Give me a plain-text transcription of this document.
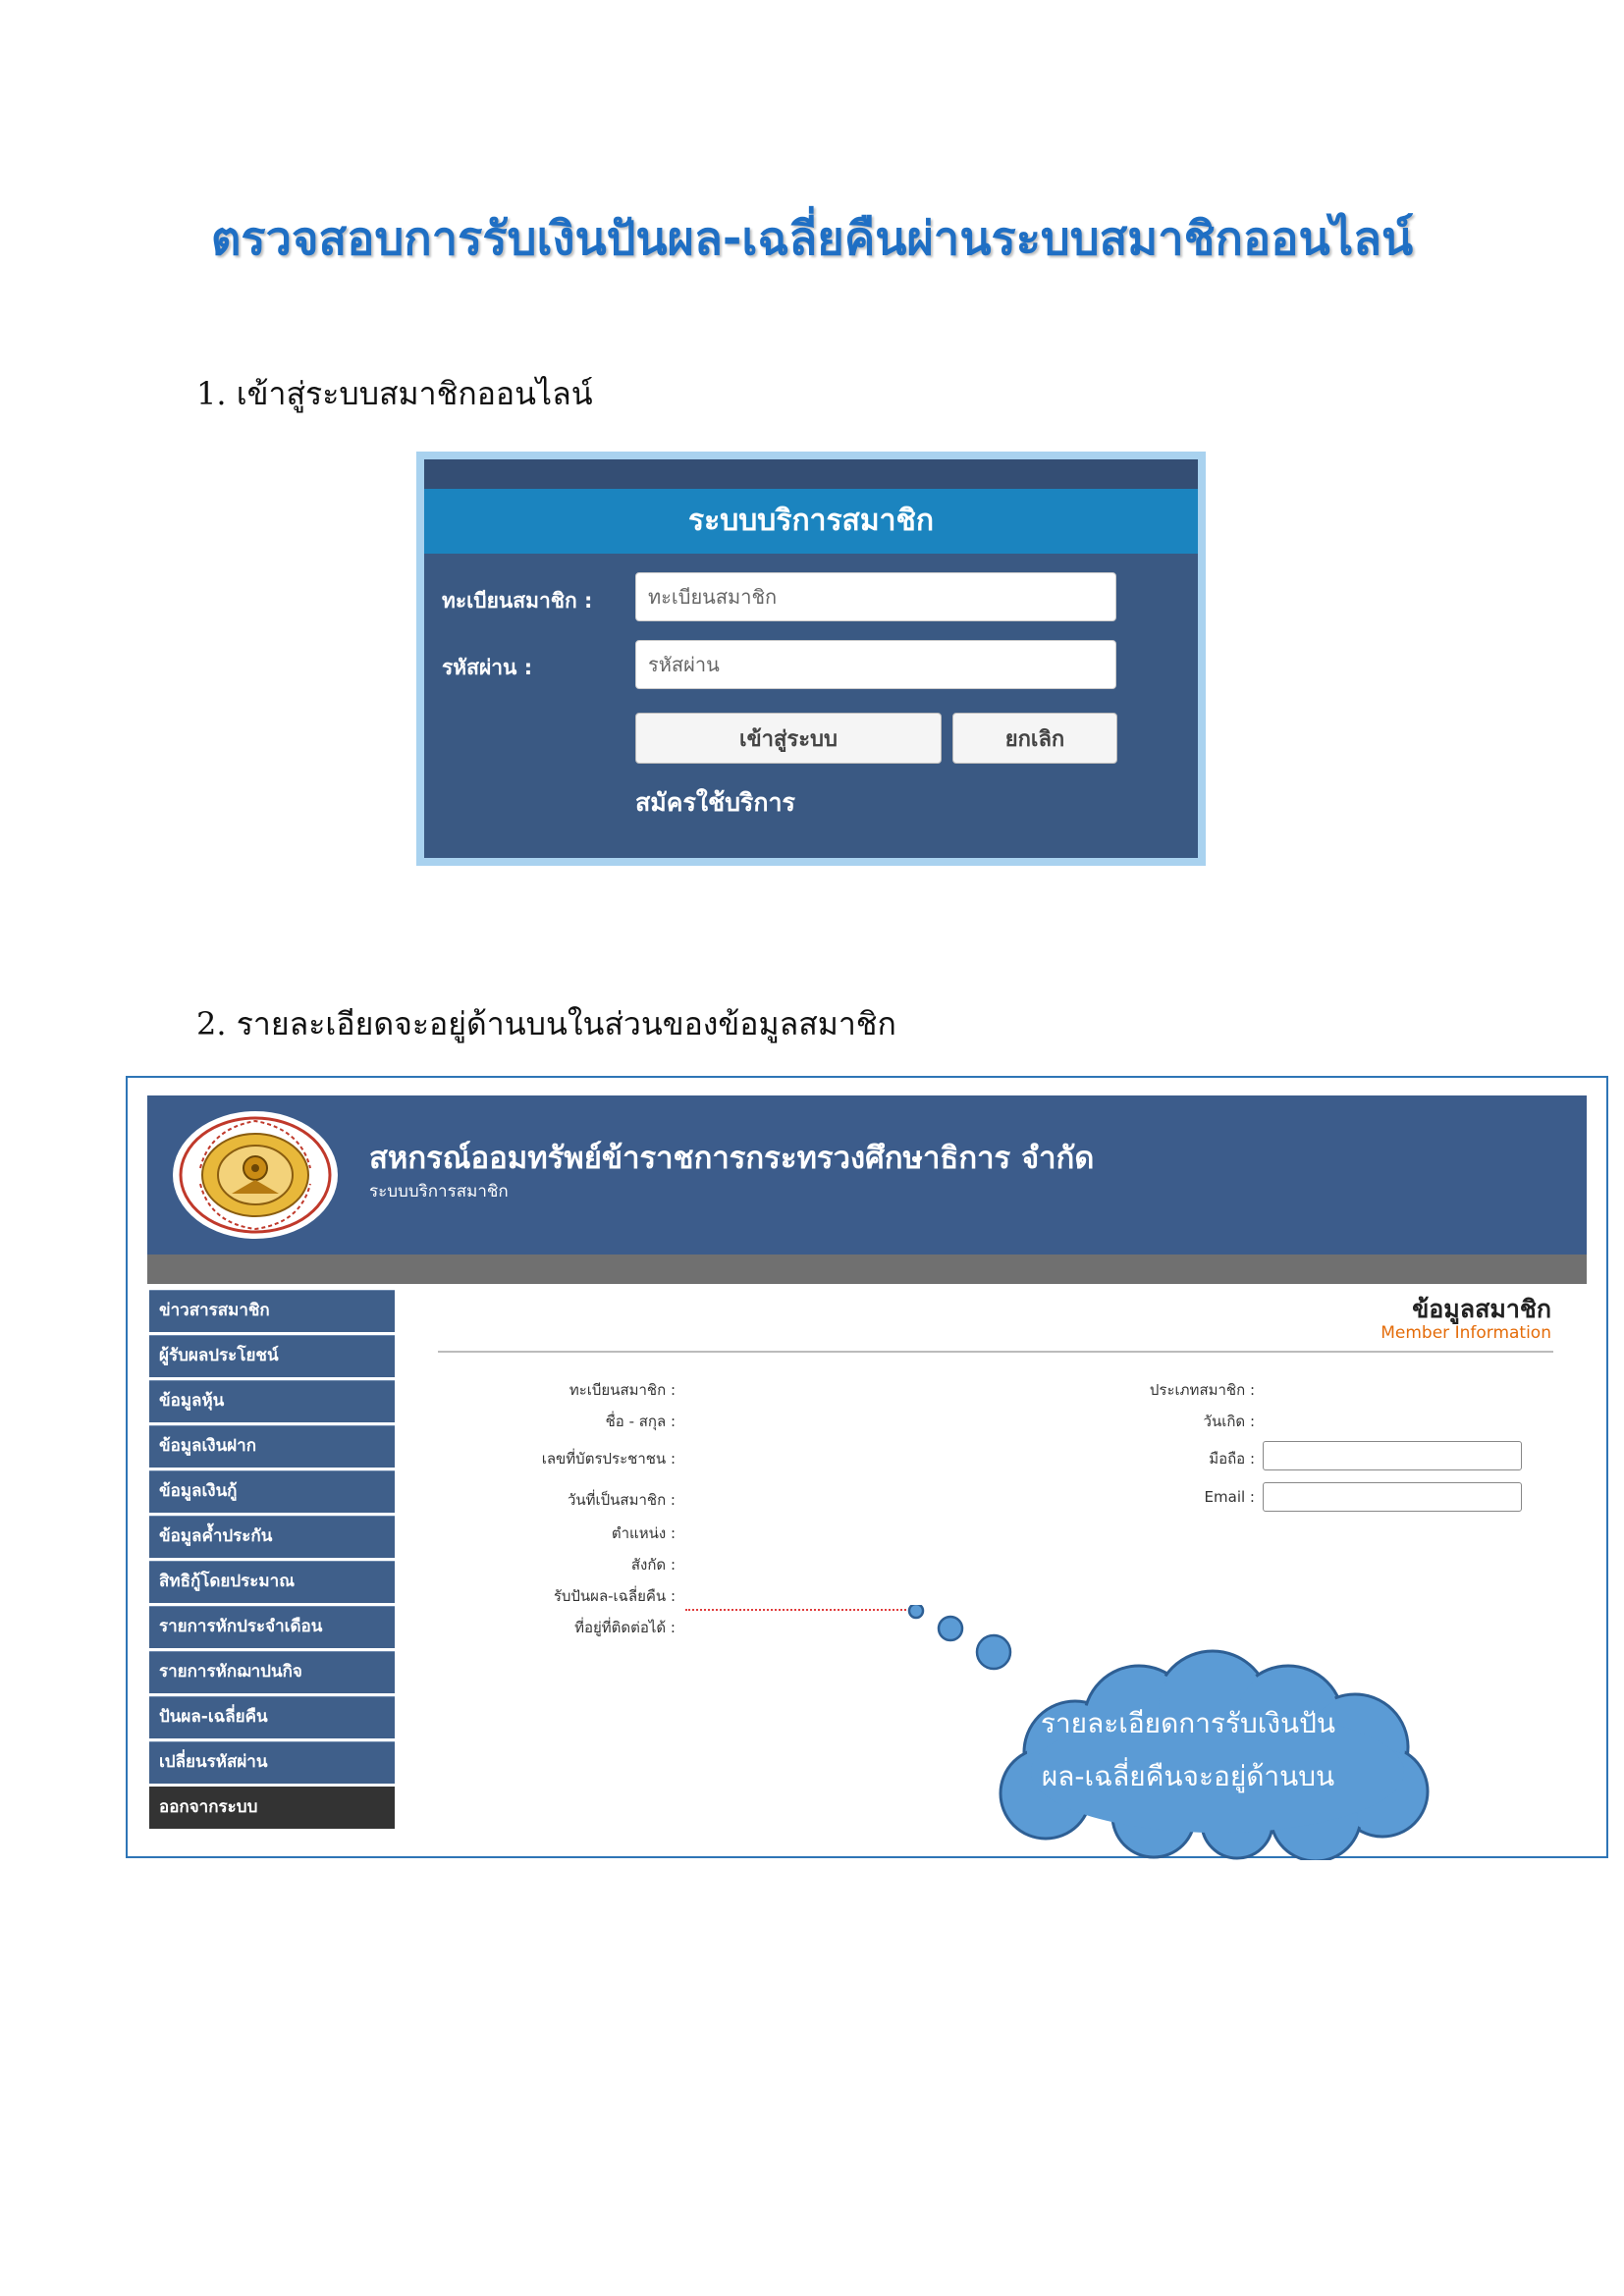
ตรวจสอบการรับเงินปันผล-เฉลี่ยคืนผ่านระบบสมาชิกออนไลน์
1. เข้าสู่ระบบสมาชิกออนไลน์
2. รายละเอียดจะอยู่ด้านบนในส่วนของข้อมูลสมาชิก
ระบบบริการสมาชิก
ทะเบียนสมาชิก :
ทะเบียนสมาชิก
รหัสผ่าน :
เข้าสู่ระบบ	ยกเลิก
สมัครใช้บริการ
สหกรณ์ออมทรัพย์ข้าราชการกระทรวงศึกษาธิการ จำกัด
ระบบบริการสมาชิก
ข่าวสารสมาชิก
ผู้รับผลประโยชน์
ข้อมูลหุ้น
ข้อมูลเงินฝาก
ข้อมูลเงินกู้
ข้อมูลค้ำประกัน
สิทธิกู้โดยประมาณ
รายการหักประจำเดือน
รายการหักฌาปนกิจ
ปันผล-เฉลี่ยคืน
เปลี่ยนรหัสผ่าน
ออกจากระบบ
ข้อมูลสมาชิก
Member Information
ทะเบียนสมาชิก :
ชื่อ - สกุล :
เลขที่บัตรประชาชน :
วันที่เป็นสมาชิก :
ตำแหน่ง :
สังกัด :
รับปันผล-เฉลี่ยคืน :
ที่อยู่ที่ติดต่อได้ :
ประเภทสมาชิก :
วันเกิด :
มือถือ :
Email :
รายละเอียดการรับเงินปัน
ผล-เฉลี่ยคืนจะอยู่ด้านบน
